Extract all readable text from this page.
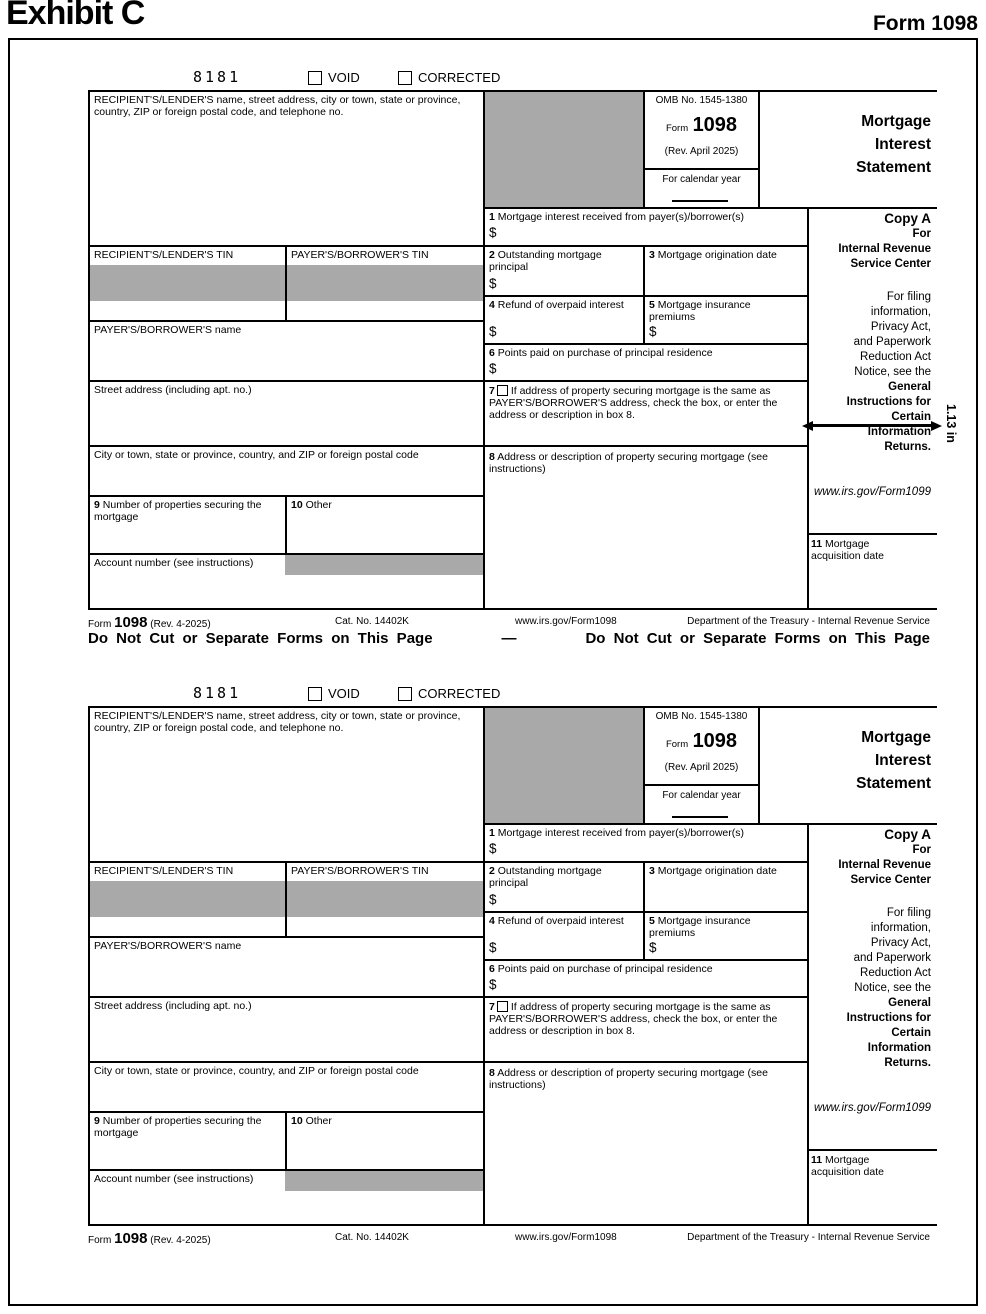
Exhibit C	Form 1098
8181	VOID	CORRECTED
RECIPIENT'S/LENDER'S name, street address, city or town, state or province, country, ZIP or foreign postal code, and telephone no.
RECIPIENT'S/LENDER'S TIN	PAYER'S/BORROWER'S TIN
PAYER'S/BORROWER'S name
Street address (including apt. no.)
City or town, state or province, country, and ZIP or foreign postal code
9 Number of properties securing the mortgage
10 Other
Account number (see instructions)
OMB No. 1545-1380
Form 1098
(Rev. April 2025)
For calendar year
Mortgage
Interest
Statement
1 Mortgage interest received from payer(s)/borrower(s)
$
2 Outstanding mortgage principal
$
3 Mortgage origination date
4 Refund of overpaid interest
$
5 Mortgage insurance premiums
$
6 Points paid on purchase of principal residence
$
7 If address of property securing mortgage is the same as PAYER'S/BORROWER'S address, check the box, or enter the address or description in box 8.
8 Address or description of property securing mortgage (see instructions)
11 Mortgage acquisition date
Copy A
For
Internal Revenue
Service Center
For filing
information,
Privacy Act,
and Paperwork
Reduction Act
Notice, see the
General
Instructions for
Certain
Information
Returns.
www.irs.gov/Form1099
1.13 in
Form 1098 (Rev. 4-2025)	Cat. No. 14402K	www.irs.gov/Form1098	Department of the Treasury - Internal Revenue Service
Do Not Cut or Separate Forms on This Page	—	Do Not Cut or Separate Forms on This Page
8181	VOID	CORRECTED
RECIPIENT'S/LENDER'S name, street address, city or town, state or province, country, ZIP or foreign postal code, and telephone no.
RECIPIENT'S/LENDER'S TIN	PAYER'S/BORROWER'S TIN
PAYER'S/BORROWER'S name
Street address (including apt. no.)
City or town, state or province, country, and ZIP or foreign postal code
9 Number of properties securing the mortgage
10 Other
Account number (see instructions)
OMB No. 1545-1380
Form 1098
(Rev. April 2025)
For calendar year
Mortgage
Interest
Statement
1 Mortgage interest received from payer(s)/borrower(s)
$
2 Outstanding mortgage principal
$
3 Mortgage origination date
4 Refund of overpaid interest
$
5 Mortgage insurance premiums
$
6 Points paid on purchase of principal residence
$
7 If address of property securing mortgage is the same as PAYER'S/BORROWER'S address, check the box, or enter the address or description in box 8.
8 Address or description of property securing mortgage (see instructions)
11 Mortgage acquisition date
Copy A
For
Internal Revenue
Service Center
For filing
information,
Privacy Act,
and Paperwork
Reduction Act
Notice, see the
General
Instructions for
Certain
Information
Returns.
www.irs.gov/Form1099
Form 1098 (Rev. 4-2025)	Cat. No. 14402K	www.irs.gov/Form1098	Department of the Treasury - Internal Revenue Service
